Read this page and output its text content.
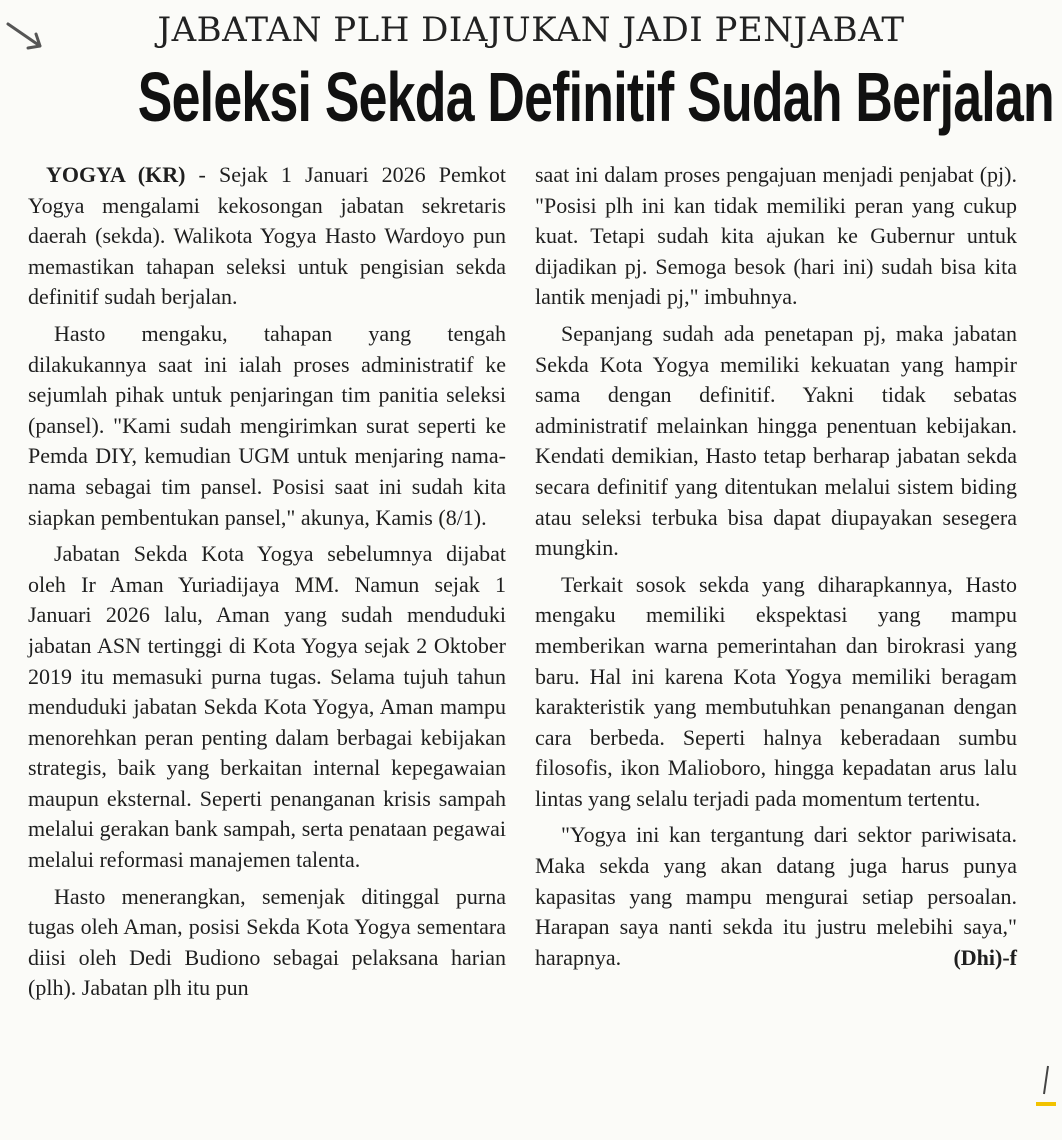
JABATAN PLH DIAJUKAN JADI PENJABAT
Seleksi Sekda Definitif Sudah Berjalan

YOGYA (KR) - Sejak 1 Januari 2026 Pemkot Yogya mengalami kekosongan jabatan sekretaris daerah (sekda). Walikota Yogya Hasto Wardoyo pun memastikan tahapan seleksi untuk pengisian sekda definitif sudah berjalan.

Hasto mengaku, tahapan yang tengah dilakukannya saat ini ialah proses administratif ke sejumlah pihak untuk penjaringan tim panitia seleksi (pansel). "Kami sudah mengirimkan surat seperti ke Pemda DIY, kemudian UGM untuk menjaring nama-nama sebagai tim pansel. Posisi saat ini sudah kita siapkan pembentukan pansel," akunya, Kamis (8/1).

Jabatan Sekda Kota Yogya sebelumnya dijabat oleh Ir Aman Yuriadijaya MM. Namun sejak 1 Januari 2026 lalu, Aman yang sudah menduduki jabatan ASN tertinggi di Kota Yogya sejak 2 Oktober 2019 itu memasuki purna tugas. Selama tujuh tahun menduduki jabatan Sekda Kota Yogya, Aman mampu menorehkan peran penting dalam berbagai kebijakan strategis, baik yang berkaitan internal kepegawaian maupun eksternal. Seperti penanganan krisis sampah melalui gerakan bank sampah, serta penataan pegawai melalui reformasi manajemen talenta.

Hasto menerangkan, semenjak ditinggal purna tugas oleh Aman, posisi Sekda Kota Yogya sementara diisi oleh Dedi Budiono sebagai pelaksana harian (plh). Jabatan plh itu pun

saat ini dalam proses pengajuan menjadi penjabat (pj). "Posisi plh ini kan tidak memiliki peran yang cukup kuat. Tetapi sudah kita ajukan ke Gubernur untuk dijadikan pj. Semoga besok (hari ini) sudah bisa kita lantik menjadi pj," imbuhnya.

Sepanjang sudah ada penetapan pj, maka jabatan Sekda Kota Yogya memiliki kekuatan yang hampir sama dengan definitif. Yakni tidak sebatas administratif melainkan hingga penentuan kebijakan. Kendati demikian, Hasto tetap berharap jabatan sekda secara definitif yang ditentukan melalui sistem biding atau seleksi terbuka bisa dapat diupayakan sesegera mungkin.

Terkait sosok sekda yang diharapkannya, Hasto mengaku memiliki ekspektasi yang mampu memberikan warna pemerintahan dan birokrasi yang baru. Hal ini karena Kota Yogya memiliki beragam karakteristik yang membutuhkan penanganan dengan cara berbeda. Seperti halnya keberadaan sumbu filosofis, ikon Malioboro, hingga kepadatan arus lalu lintas yang selalu terjadi pada momentum tertentu.

"Yogya ini kan tergantung dari sektor pariwisata. Maka sekda yang akan datang juga harus punya kapasitas yang mampu mengurai setiap persoalan. Harapan saya nanti sekda itu justru melebihi saya," harapnya.	(Dhi)-f
